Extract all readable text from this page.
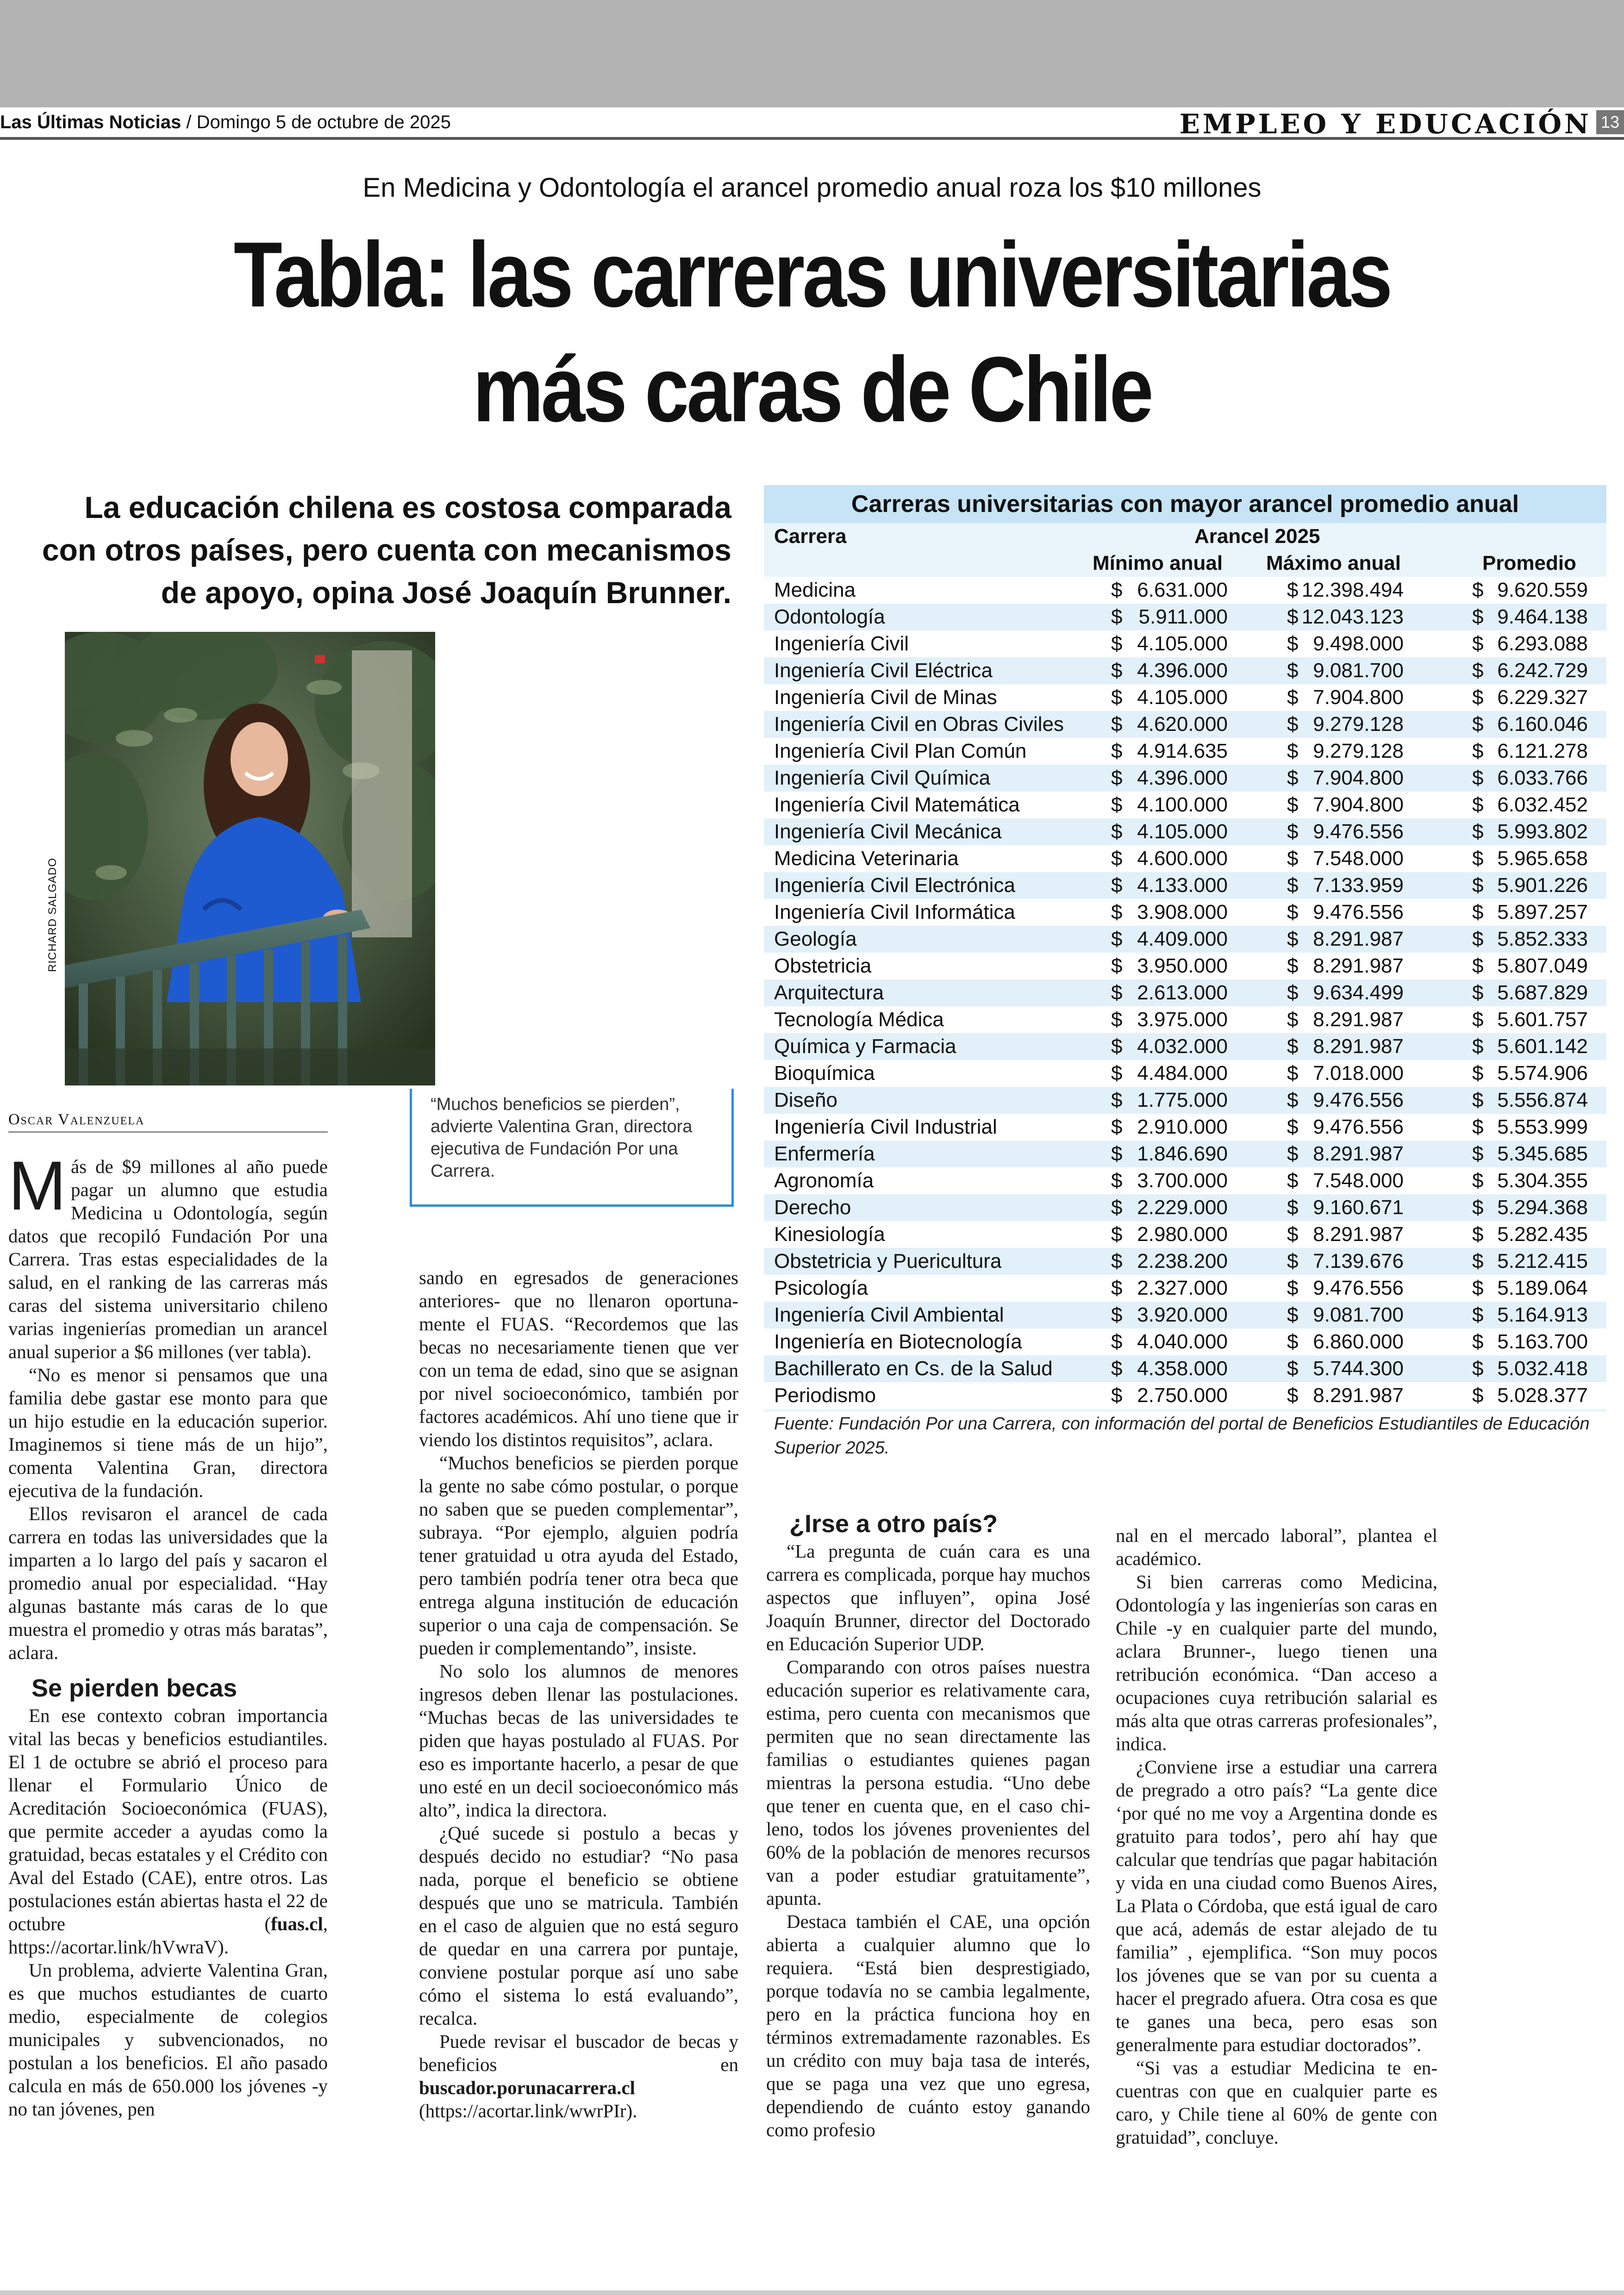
Las Últimas Noticias / Domingo 5 de octubre de 2025	EMPLEO Y EDUCACIÓN 13
En Medicina y Odontología el arancel promedio anual roza los $10 millones
Tabla: las carreras universitarias
más caras de Chile
La educación chilena es costosa comparada con otros países, pero cuenta con mecanismos de apoyo, opina José Joaquín Brunner.
RICHARD SALGADO
“Muchos beneficios se pierden”, advierte Valentina Gran, directora ejecutiva de Fundación Por una Carrera.
Oscar Valenzuela

Más de $9 millones al año puede pagar un alumno que estudia Medicina u Odontología, según datos que recopiló Fundación Por una Carrera. Tras estas especialidades de la salud, en el ranking de las carreras más caras del sistema universitario chileno varias ingenierías promedian un arancel anual superior a $6 millones (ver tabla).

“No es menor si pensamos que una familia debe gastar ese monto para que un hijo estudie en la educación superior. Imaginemos si tiene más de un hijo”, comenta Valentina Gran, directora ejecutiva de la fundación.

Ellos revisaron el arancel de cada carrera en todas las universidades que la imparten a lo largo del país y sacaron el promedio anual por especialidad. “Hay algunas bastante más caras de lo que muestra el promedio y otras más baratas”, aclara.

Se pierden becas

En ese contexto cobran importancia vital las becas y beneficios estudiantiles. El 1 de octubre se abrió el proceso para llenar el Formulario Único de Acreditación Socioeconómica (FUAS), que permite acceder a ayudas como la gratuidad, becas estatales y el Crédito con Aval del Estado (CAE), entre otros. Las postulaciones están abiertas hasta el 22 de octubre (fuas.cl, https://acortar.link/hVwraV).

Un problema, advierte Valentina Gran, es que muchos estudiantes de cuarto medio, especialmente de colegios municipales y subvencionados, no postulan a los beneficios. El año pasado calcula en más de 650.000 los jóvenes -y no tan jóvenes, pen

sando en egresados de generaciones anteriores- que no llenaron oportunamente el FUAS. “Recordemos que las becas no necesariamente tienen que ver con un tema de edad, sino que se asignan por nivel socioeconómico, también por factores académicos. Ahí uno tiene que ir viendo los distintos requisitos”, aclara.

“Muchos beneficios se pierden porque la gente no sabe cómo postular, o porque no saben que se pueden complementar”, subraya. “Por ejemplo, alguien podría tener gratuidad u otra ayuda del Estado, pero también podría tener otra beca que entrega alguna institución de educación superior o una caja de compensación. Se pueden ir complementando”, insiste.

No solo los alumnos de menores ingresos deben llenar las postulaciones. “Muchas becas de las universidades te piden que hayas postulado al FUAS. Por eso es importante hacerlo, a pesar de que uno esté en un decil socioeconómico más alto”, indica la directora.

¿Qué sucede si postulo a becas y después decido no estudiar? “No pasa nada, porque el beneficio se obtiene después que uno se matricula. También en el caso de alguien que no está seguro de quedar en una carrera por puntaje, conviene postular porque así uno sabe cómo el sistema lo está evaluando”, recalca.

Puede revisar el buscador de becas y beneficios en buscador.porunacarrera.cl (https://acortar.link/wwrPIr).

¿Irse a otro país?

“La pregunta de cuán cara es una carrera es complicada, porque hay muchos aspectos que influyen”, opina José Joaquín Brunner, director del Doctorado en Educación Superior UDP.

Comparando con otros países nuestra educación superior es relativamente cara, estima, pero cuenta con mecanismos que permiten que no sean directamente las familias o estudiantes quienes pagan mientras la persona estudia. “Uno debe que tener en cuenta que, en el caso chileno, todos los jóvenes provenientes del 60% de la población de menores recursos van a poder estudiar gratuitamente”, apunta.

Destaca también el CAE, una opción abierta a cualquier alumno que lo requiera. “Está bien desprestigiado, porque todavía no se cambia legalmente, pero en la práctica funciona hoy en términos extremadamente razonables. Es un crédito con muy baja tasa de interés, que se paga una vez que uno egresa, dependiendo de cuánto estoy ganando como profesio

nal en el mercado laboral”, plantea el académico.

Si bien carreras como Medicina, Odontología y las ingenierías son caras en Chile -y en cualquier parte del mundo, aclara Brunner-, luego tienen una retribución económica. “Dan acceso a ocupaciones cuya retribución salarial es más alta que otras carreras profesionales”, indica.

¿Conviene irse a estudiar una carrera de pregrado a otro país? “La gente dice ‘por qué no me voy a Argentina donde es gratuito para todos’, pero ahí hay que calcular que tendrías que pagar habitación y vida en una ciudad como Buenos Aires, La Plata o Córdoba, que está igual de caro que acá, además de estar alejado de tu familia” , ejemplifica. “Son muy pocos los jóvenes que se van por su cuenta a hacer el pregrado afuera. Otra cosa es que te ganes una beca, pero esas son generalmente para estudiar doctorados”.

“Si vas a estudiar Medicina te encuentras con que en cualquier parte es caro, y Chile tiene al 60% de gente con gratuidad”, concluye.

Carreras universitarias con mayor arancel promedio anual
Carrera	Arancel 2025
Mínimo anual Máximo anual	Promedio
Medicina	$ 6.631.000	$ 12.398.494	$ 9.620.559
Odontología	$ 5.911.000	$ 12.043.123	$ 9.464.138
Ingeniería Civil	$ 4.105.000	$ 9.498.000	$ 6.293.088
Ingeniería Civil Eléctrica	$ 4.396.000	$ 9.081.700	$ 6.242.729
Ingeniería Civil de Minas	$ 4.105.000	$ 7.904.800	$ 6.229.327
Ingeniería Civil en Obras Civiles	$ 4.620.000	$ 9.279.128	$ 6.160.046
Ingeniería Civil Plan Común	$ 4.914.635	$ 9.279.128	$ 6.121.278
Ingeniería Civil Química	$ 4.396.000	$ 7.904.800	$ 6.033.766
Ingeniería Civil Matemática	$ 4.100.000	$ 7.904.800	$ 6.032.452
Ingeniería Civil Mecánica	$ 4.105.000	$ 9.476.556	$ 5.993.802
Medicina Veterinaria	$ 4.600.000	$ 7.548.000	$ 5.965.658
Ingeniería Civil Electrónica	$ 4.133.000	$ 7.133.959	$ 5.901.226
Ingeniería Civil Informática	$ 3.908.000	$ 9.476.556	$ 5.897.257
Geología	$ 4.409.000	$ 8.291.987	$ 5.852.333
Obstetricia	$ 3.950.000	$ 8.291.987	$ 5.807.049
Arquitectura	$ 2.613.000	$ 9.634.499	$ 5.687.829
Tecnología Médica	$ 3.975.000	$ 8.291.987	$ 5.601.757
Química y Farmacia	$ 4.032.000	$ 8.291.987	$ 5.601.142
Bioquímica	$ 4.484.000	$ 7.018.000	$ 5.574.906
Diseño	$ 1.775.000	$ 9.476.556	$ 5.556.874
Ingeniería Civil Industrial	$ 2.910.000	$ 9.476.556	$ 5.553.999
Enfermería	$ 1.846.690	$ 8.291.987	$ 5.345.685
Agronomía	$ 3.700.000	$ 7.548.000	$ 5.304.355
Derecho	$ 2.229.000	$ 9.160.671	$ 5.294.368
Kinesiología	$ 2.980.000	$ 8.291.987	$ 5.282.435
Obstetricia y Puericultura	$ 2.238.200	$ 7.139.676	$ 5.212.415
Psicología	$ 2.327.000	$ 9.476.556	$ 5.189.064
Ingeniería Civil Ambiental	$ 3.920.000	$ 9.081.700	$ 5.164.913
Ingeniería en Biotecnología	$ 4.040.000	$ 6.860.000	$ 5.163.700
Bachillerato en Cs. de la Salud	$ 4.358.000	$ 5.744.300	$ 5.032.418
Periodismo	$ 2.750.000	$ 8.291.987	$ 5.028.377
Fuente: Fundación Por una Carrera, con información del portal de Beneficios Estudiantiles de Educación Superior 2025.
